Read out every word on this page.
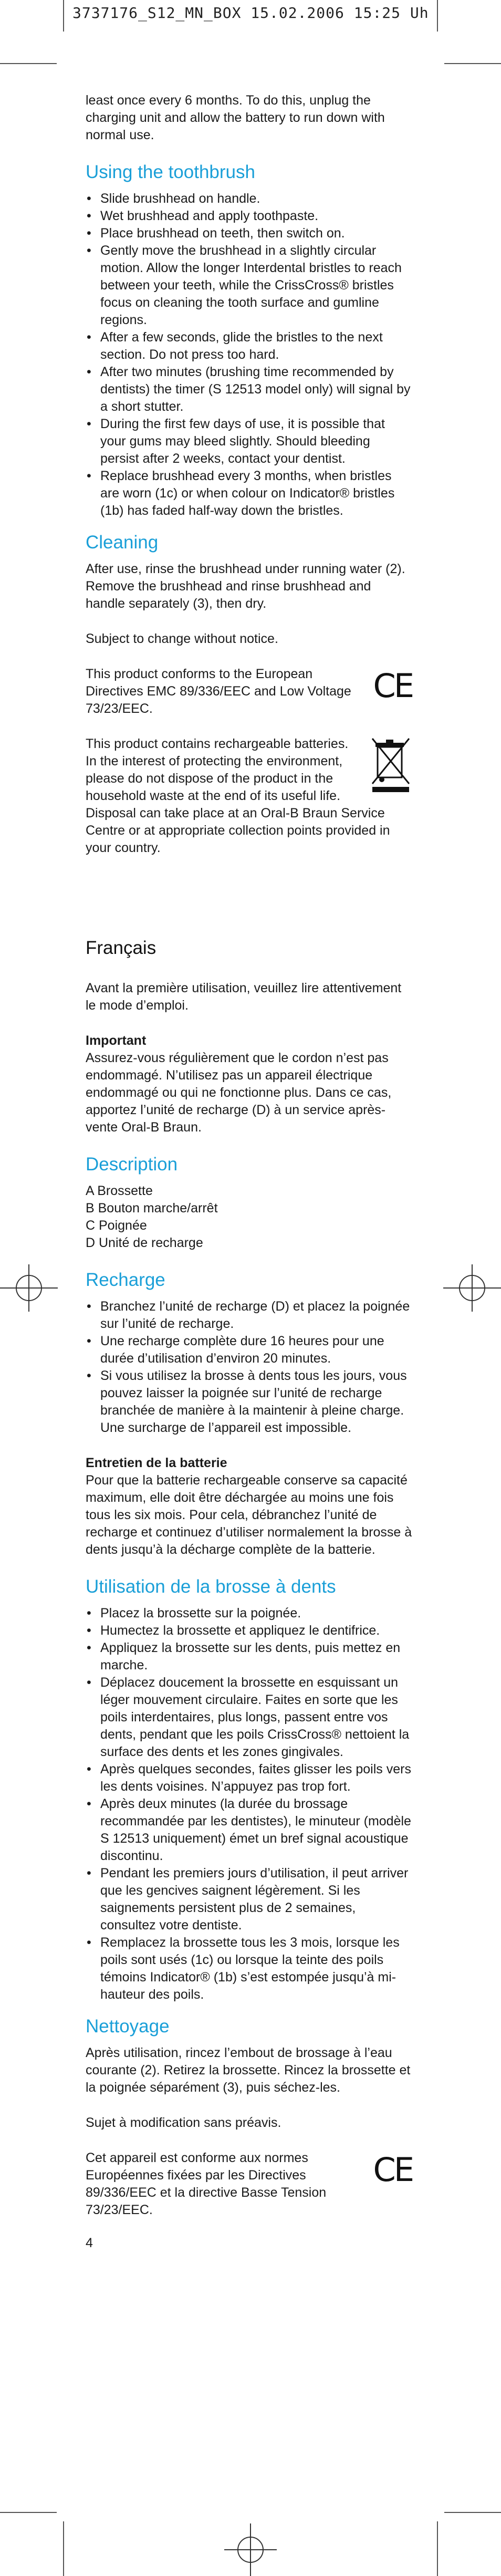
3737176_S12_MN_BOX 15.02.2006 15:25 Uh

least once every 6 months. To do this, unplug the charging unit and allow the battery to run down with normal use.

Using the toothbrush
• Slide brushhead on handle.
• Wet brushhead and apply toothpaste.
• Place brushhead on teeth, then switch on.
• Gently move the brushhead in a slightly circular motion. Allow the longer Interdental bristles to reach between your teeth, while the CrissCross® bristles focus on cleaning the tooth surface and gumline regions.
• After a few seconds, glide the bristles to the next section. Do not press too hard.
• After two minutes (brushing time recommended by dentists) the timer (S 12513 model only) will signal by a short stutter.
• During the first few days of use, it is possible that your gums may bleed slightly. Should bleeding persist after 2 weeks, contact your dentist.
• Replace brushhead every 3 months, when bristles are worn (1c) or when colour on Indicator® bristles (1b) has faded half-way down the bristles.
Cleaning

After use, rinse the brushhead under running water (2). Remove the brushhead and rinse brushhead and handle separately (3), then dry.

Subject to change without notice.

This product conforms to the European Directives EMC 89/336/EEC and Low Voltage 73/23/EEC.
CE
This product contains rechargeable batteries. In the interest of protecting the environment, please do not dispose of the product in the household waste at the end of its useful life. Disposal can take place at an Oral-B Braun Service Centre or at appropriate collection points provided in your country.
Français

Avant la première utilisation, veuillez lire attentivement le mode d’emploi.

Important

Assurez-vous régulièrement que le cordon n’est pas endommagé. N’utilisez pas un appareil électrique endommagé ou qui ne fonctionne plus. Dans ce cas, apportez l’unité de recharge (D) à un service après-vente Oral-B Braun.

Description
A Brossette
B Bouton marche/arrêt
C Poignée
D Unité de recharge
Recharge
• Branchez l’unité de recharge (D) et placez la poignée sur l’unité de recharge.
• Une recharge complète dure 16 heures pour une durée d’utilisation d’environ 20 minutes.
• Si vous utilisez la brosse à dents tous les jours, vous pouvez laisser la poignée sur l’unité de recharge branchée de manière à la maintenir à pleine charge. Une surcharge de l’appareil est impossible.
Entretien de la batterie

Pour que la batterie rechargeable conserve sa capacité maximum, elle doit être déchargée au moins une fois tous les six mois. Pour cela, débranchez l’unité de recharge et continuez d’utiliser normalement la brosse à dents jusqu’à la décharge complète de la batterie.

Utilisation de la brosse à dents
• Placez la brossette sur la poignée.
• Humectez la brossette et appliquez le dentifrice.
• Appliquez la brossette sur les dents, puis mettez en marche.
• Déplacez doucement la brossette en esquissant un léger mouvement circulaire. Faites en sorte que les poils interdentaires, plus longs, passent entre vos dents, pendant que les poils CrissCross® nettoient la surface des dents et les zones gingivales.
• Après quelques secondes, faites glisser les poils vers les dents voisines. N’appuyez pas trop fort.
• Après deux minutes (la durée du brossage recommandée par les dentistes), le minuteur (modèle S 12513 uniquement) émet un bref signal acoustique discontinu.
• Pendant les premiers jours d’utilisation, il peut arriver que les gencives saignent légèrement. Si les saignements persistent plus de 2 semaines, consultez votre dentiste.
• Remplacez la brossette tous les 3 mois, lorsque les poils sont usés (1c) ou lorsque la teinte des poils témoins Indicator® (1b) s’est estompée jusqu’à mi-hauteur des poils.
Nettoyage

Après utilisation, rincez l’embout de brossage à l’eau courante (2). Retirez la brossette. Rincez la brossette et la poignée séparément (3), puis séchez-les.

Sujet à modification sans préavis.

Cet appareil est conforme aux normes Européennes fixées par les Directives 89/336/EEC et la directive Basse Tension 73/23/EEC.
CE
4
